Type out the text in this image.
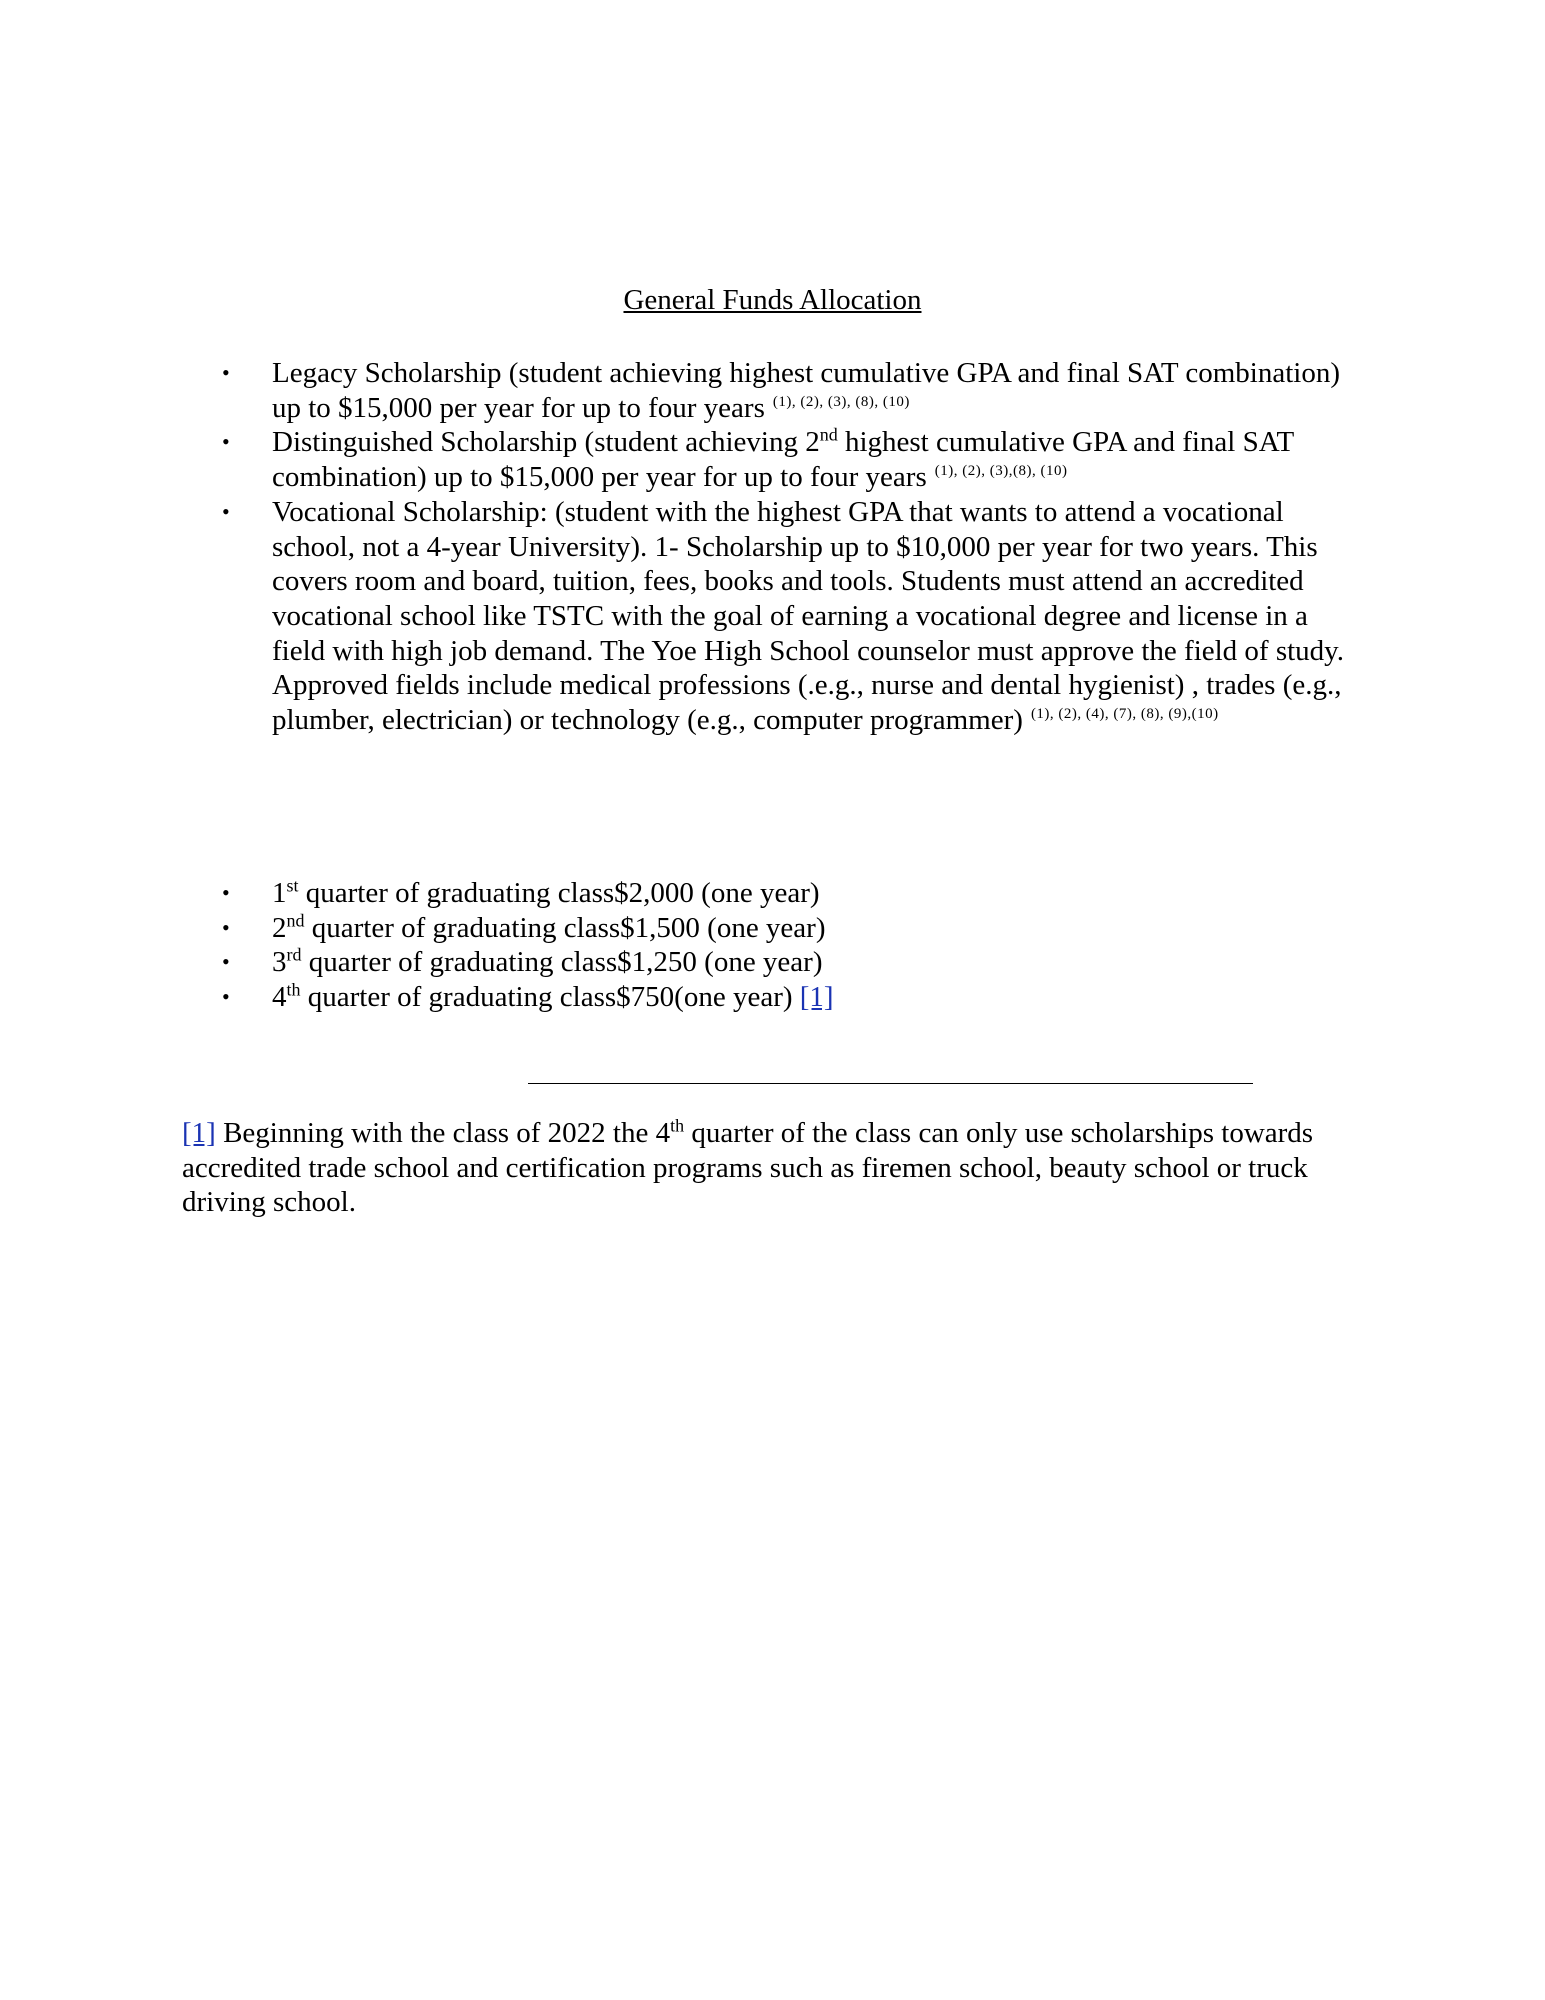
General Funds Allocation
• Legacy Scholarship (student achieving highest cumulative GPA and final SAT combination) up to $15,000 per year for up to four years $^{(1), (2), (3), (8), (10)}$
• Distinguished Scholarship (student achieving 2nd highest cumulative GPA and final SAT combination) up to $15,000 per year for up to four years $^{(1), (2), (3),(8), (10)}$
• Vocational Scholarship: (student with the highest GPA that wants to attend a vocational school, not a 4-year University). 1- Scholarship up to $10,000 per year for two years. This covers room and board, tuition, fees, books and tools. Students must attend an accredited vocational school like TSTC with the goal of earning a vocational degree and license in a field with high job demand. The Yoe High School counselor must approve the field of study. Approved fields include medical professions (.e.g., nurse and dental hygienist) , trades (e.g., plumber, electrician) or technology (e.g., computer programmer) $^{(1), (2), (4), (7), (8), (9),(10)}$
• 1st quarter of graduating class$2,000 (one year)
• 2nd quarter of graduating class$1,500 (one year)
• 3rd quarter of graduating class$1,250 (one year)
• 4th quarter of graduating class$750(one year) [1]
[1] Beginning with the class of 2022 the 4th quarter of the class can only use scholarships towards accredited trade school and certification programs such as firemen school, beauty school or truck driving school.
